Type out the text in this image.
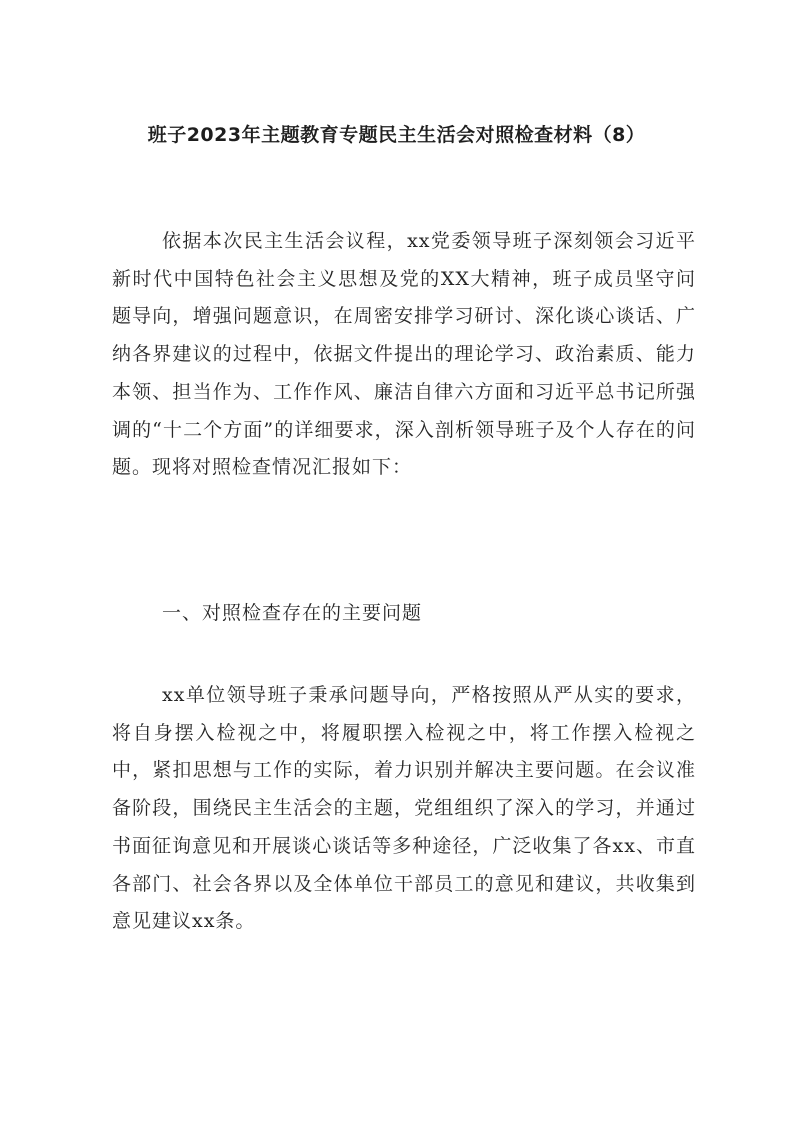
班子2023年主题教育专题民主生活会对照检查材料（8）

依据本次民主生活会议程，xx党委领导班子深刻领会习近平新时代中国特色社会主义思想及党的XX大精神，班子成员坚守问题导向，增强问题意识，在周密安排学习研讨、深化谈心谈话、广纳各界建议的过程中，依据文件提出的理论学习、政治素质、能力本领、担当作为、工作作风、廉洁自律六方面和习近平总书记所强调的“十二个方面”的详细要求，深入剖析领导班子及个人存在的问题。现将对照检查情况汇报如下：

一、对照检查存在的主要问题

xx单位领导班子秉承问题导向，严格按照从严从实的要求，将自身摆入检视之中，将履职摆入检视之中，将工作摆入检视之中，紧扣思想与工作的实际，着力识别并解决主要问题。在会议准备阶段，围绕民主生活会的主题，党组组织了深入的学习，并通过书面征询意见和开展谈心谈话等多种途径，广泛收集了各xx、市直各部门、社会各界以及全体单位干部员工的意见和建议，共收集到意见建议xx条。
